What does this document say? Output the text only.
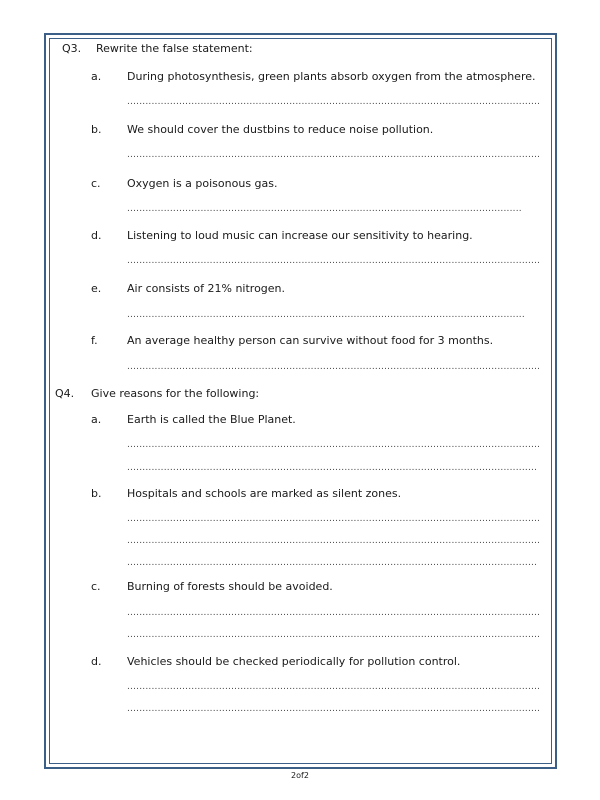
Q3. Rewrite the false statement:
a. During photosynthesis, green plants absorb oxygen from the atmosphere.
.....
b. We should cover the dustbins to reduce noise pollution.
.....
c. Oxygen is a poisonous gas.
.....
d. Listening to loud music can increase our sensitivity to hearing.
.....
e. Air consists of 21% nitrogen.
.....
f.	An average healthy person can survive without food for 3 months.
.....
Q4. Give reasons for the following:
a. Earth is called the Blue Planet.
.....
.....
b. Hospitals and schools are marked as silent zones.
.....
.....
.....
c. Burning of forests should be avoided.
.....
.....
d. Vehicles should be checked periodically for pollution control.
.....
.....
2of2
